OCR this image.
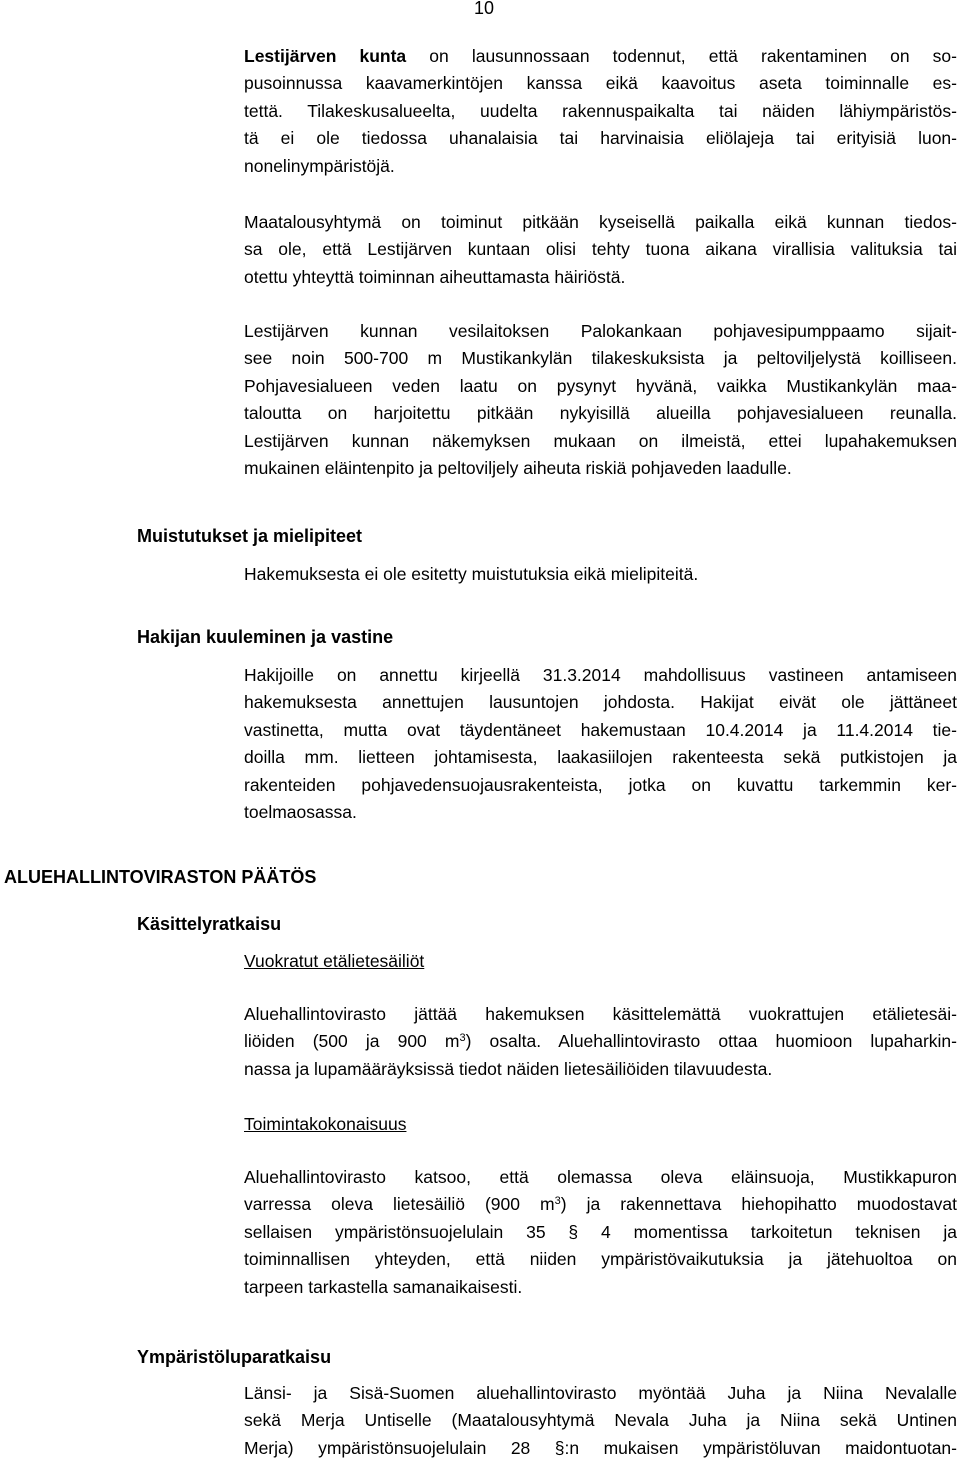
10
Lestijärven kunta on lausunnossaan todennut, että rakentaminen on so-
pusoinnussa kaavamerkintöjen kanssa eikä kaavoitus aseta toiminnalle es-
tettä. Tilakeskusalueelta, uudelta rakennuspaikalta tai näiden lähiympäristös-
tä ei ole tiedossa uhanalaisia tai harvinaisia eliölajeja tai erityisiä luon-
nonelinympäristöjä.
Maatalousyhtymä on toiminut pitkään kyseisellä paikalla eikä kunnan tiedos-
sa ole, että Lestijärven kuntaan olisi tehty tuona aikana virallisia valituksia tai
otettu yhteyttä toiminnan aiheuttamasta häiriöstä.
Lestijärven kunnan vesilaitoksen Palokankaan pohjavesipumppaamo sijait-
see noin 500-700 m Mustikankylän tilakeskuksista ja peltoviljelystä koilliseen.
Pohjavesialueen veden laatu on pysynyt hyvänä, vaikka Mustikankylän maa-
taloutta on harjoitettu pitkään nykyisillä alueilla pohjavesialueen reunalla.
Lestijärven kunnan näkemyksen mukaan on ilmeistä, ettei lupahakemuksen
mukainen eläintenpito ja peltoviljely aiheuta riskiä pohjaveden laadulle.
Muistutukset ja mielipiteet
Hakemuksesta ei ole esitetty muistutuksia eikä mielipiteitä.
Hakijan kuuleminen ja vastine
Hakijoille on annettu kirjeellä 31.3.2014 mahdollisuus vastineen antamiseen
hakemuksesta annettujen lausuntojen johdosta. Hakijat eivät ole jättäneet
vastinetta, mutta ovat täydentäneet hakemustaan 10.4.2014 ja 11.4.2014 tie-
doilla mm. lietteen johtamisesta, laakasiilojen rakenteesta sekä putkistojen ja
rakenteiden pohjavedensuojausrakenteista, jotka on kuvattu tarkemmin ker-
toelmaosassa.
ALUEHALLINTOVIRASTON PÄÄTÖS
Käsittelyratkaisu
Vuokratut etälietesäiliöt
Aluehallintovirasto jättää hakemuksen käsittelemättä vuokrattujen etälietesäi-
liöiden (500 ja 900 $m^3$) osalta. Aluehallintovirasto ottaa huomioon lupaharkin-
nassa ja lupamääräyksissä tiedot näiden lietesäiliöiden tilavuudesta.
Toimintakokonaisuus
Aluehallintovirasto katsoo, että olemassa oleva eläinsuoja, Mustikkapuron
varressa oleva lietesäiliö (900 $m^3$) ja rakennettava hiehopihatto muodostavat
sellaisen ympäristönsuojelulain 35 § 4 momentissa tarkoitetun teknisen ja
toiminnallisen yhteyden, että niiden ympäristövaikutuksia ja jätehuoltoa on
tarpeen tarkastella samanaikaisesti.
Ympäristöluparatkaisu
Länsi- ja Sisä-Suomen aluehallintovirasto myöntää Juha ja Niina Nevalalle
sekä Merja Untiselle (Maatalousyhtymä Nevala Juha ja Niina sekä Untinen
Merja) ympäristönsuojelulain 28 §:n mukaisen ympäristöluvan maidontuotan-
